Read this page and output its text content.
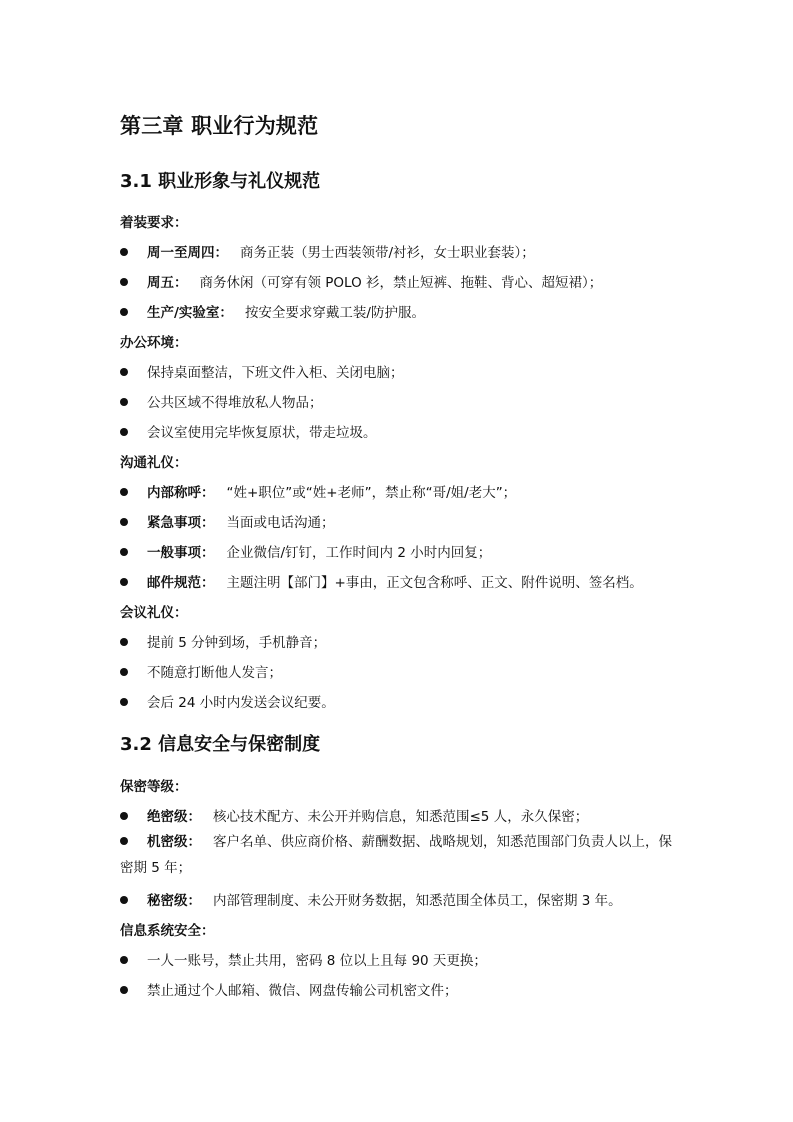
第三章 职业行为规范
3.1 职业形象与礼仪规范
着装要求：
周一至周四： 商务正装（男士西装领带/衬衫，女士职业套装）；
周五： 商务休闲（可穿有领 POLO 衫，禁止短裤、拖鞋、背心、超短裙）；
生产/实验室： 按安全要求穿戴工装/防护服。
办公环境：
保持桌面整洁，下班文件入柜、关闭电脑；
公共区域不得堆放私人物品；
会议室使用完毕恢复原状，带走垃圾。
沟通礼仪：
内部称呼： “姓+职位”或“姓+老师”，禁止称“哥/姐/老大”；
紧急事项： 当面或电话沟通；
一般事项： 企业微信/钉钉，工作时间内 2 小时内回复；
邮件规范： 主题注明【部门】+事由，正文包含称呼、正文、附件说明、签名档。
会议礼仪：
提前 5 分钟到场，手机静音；
不随意打断他人发言；
会后 24 小时内发送会议纪要。
3.2 信息安全与保密制度
保密等级：
绝密级： 核心技术配方、未公开并购信息，知悉范围≤5 人，永久保密；
机密级： 客户名单、供应商价格、薪酬数据、战略规划，知悉范围部门负责人以上，保密期 5 年；
秘密级： 内部管理制度、未公开财务数据，知悉范围全体员工，保密期 3 年。
信息系统安全：
一人一账号，禁止共用，密码 8 位以上且每 90 天更换；
禁止通过个人邮箱、微信、网盘传输公司机密文件；
